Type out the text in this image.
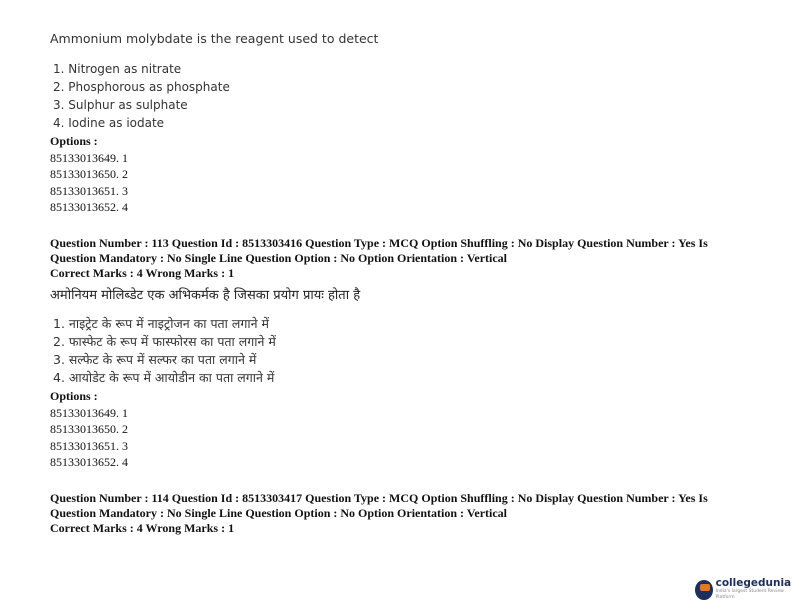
Ammonium molybdate is the reagent used to detect
1. Nitrogen as nitrate
2. Phosphorous as phosphate
3. Sulphur as sulphate
4. Iodine as iodate
Options :
85133013649. 1
85133013650. 2
85133013651. 3
85133013652. 4
Question Number : 113 Question Id : 8513303416 Question Type : MCQ Option Shuffling : No Display Question Number : Yes Is
Question Mandatory : No Single Line Question Option : No Option Orientation : Vertical
Correct Marks : 4 Wrong Marks : 1
अमोनियम मोलिब्डेट एक अभिकर्मक है जिसका प्रयोग प्रायः होता है
1. नाइट्रेट के रूप में नाइट्रोजन का पता लगाने में
2. फास्फेट के रूप में फास्फोरस का पता लगाने में
3. सल्फेट के रूप में सल्फर का पता लगाने में
4. आयोडेट के रूप में आयोडीन का पता लगाने में
Options :
85133013649. 1
85133013650. 2
85133013651. 3
85133013652. 4
Question Number : 114 Question Id : 8513303417 Question Type : MCQ Option Shuffling : No Display Question Number : Yes Is
Question Mandatory : No Single Line Question Option : No Option Orientation : Vertical
Correct Marks : 4 Wrong Marks : 1
collegedunia
India's largest Student Review Platform
